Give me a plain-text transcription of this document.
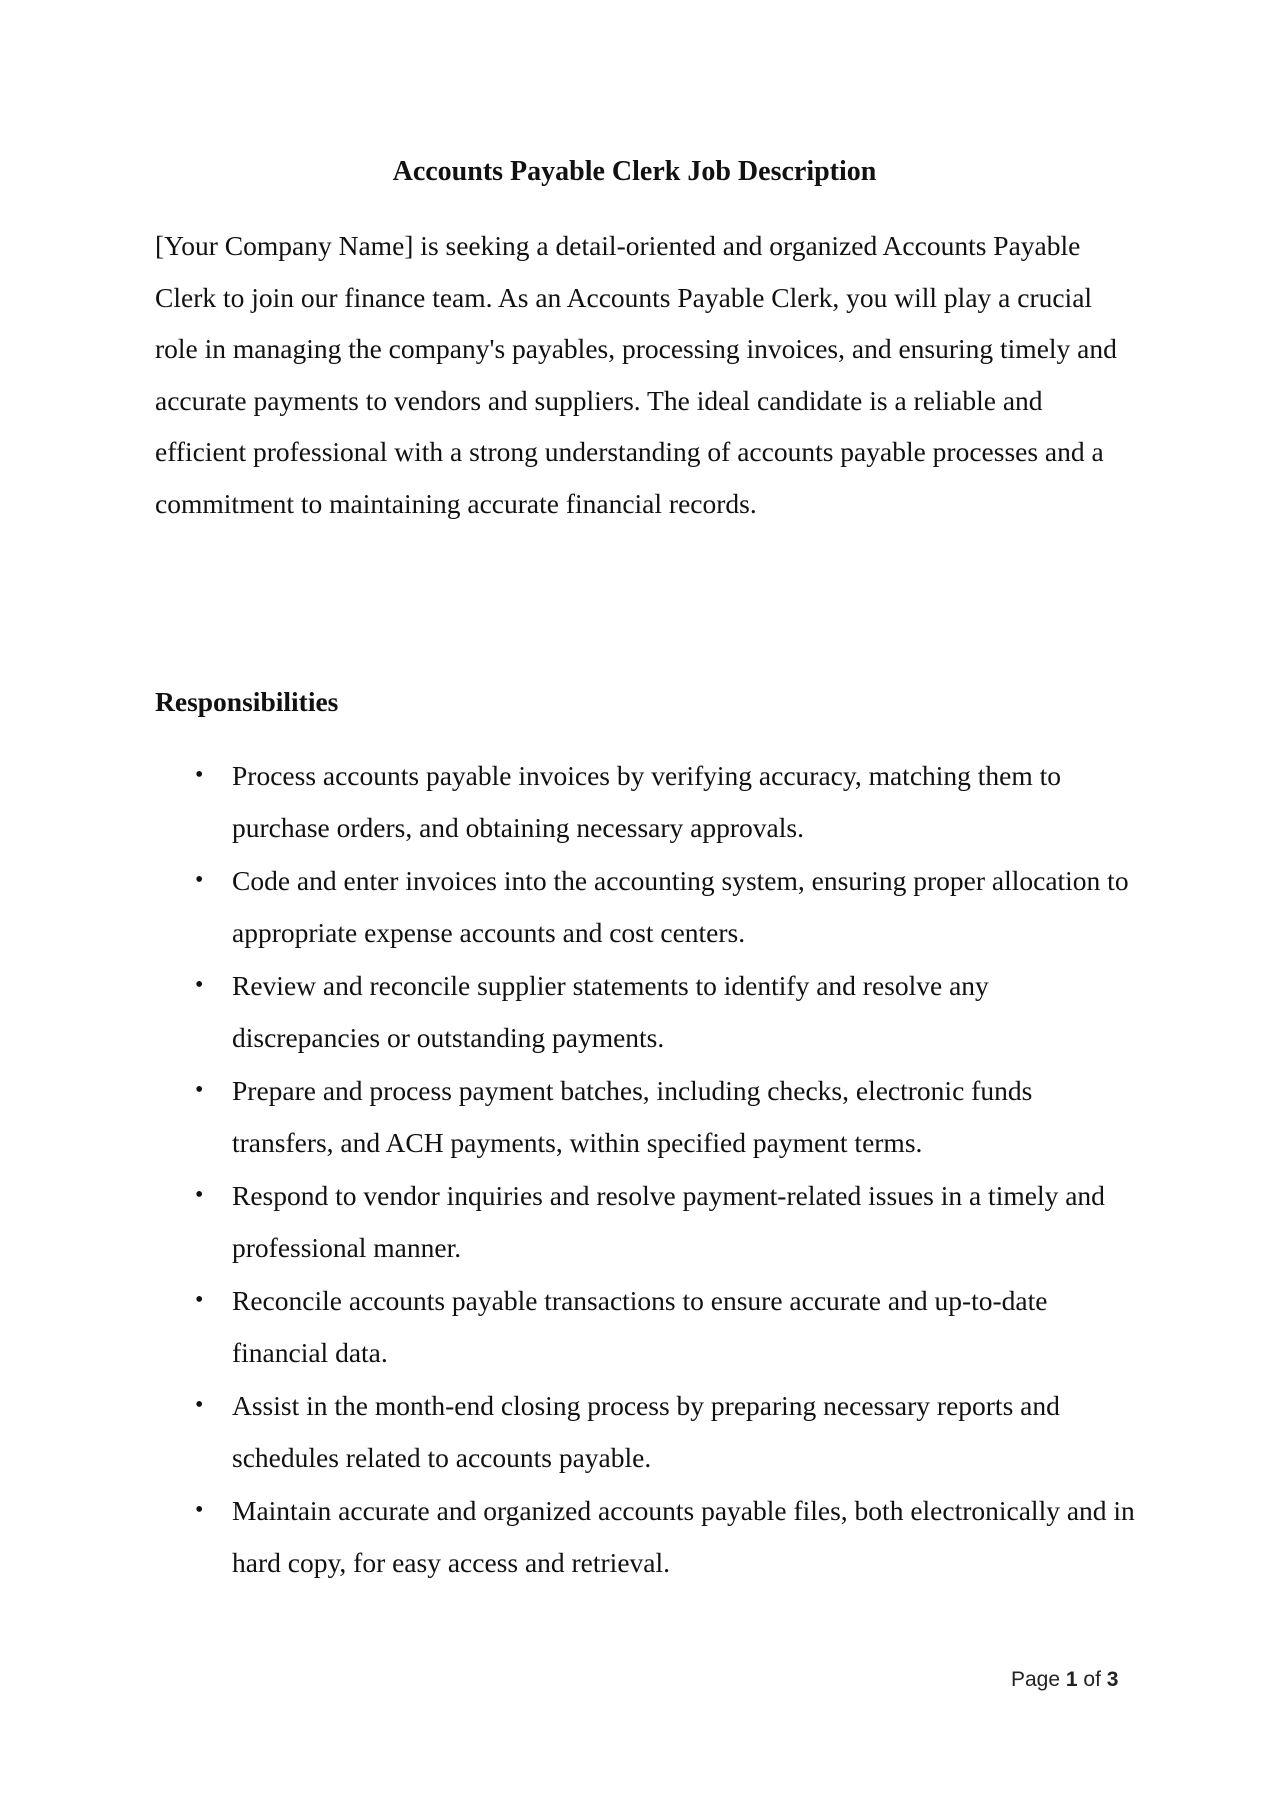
Accounts Payable Clerk Job Description

[Your Company Name] is seeking a detail-oriented and organized Accounts Payable Clerk to join our finance team. As an Accounts Payable Clerk, you will play a crucial role in managing the company's payables, processing invoices, and ensuring timely and accurate payments to vendors and suppliers. The ideal candidate is a reliable and efficient professional with a strong understanding of accounts payable processes and a commitment to maintaining accurate financial records.

Responsibilities
• Process accounts payable invoices by verifying accuracy, matching them to purchase orders, and obtaining necessary approvals.
• Code and enter invoices into the accounting system, ensuring proper allocation to appropriate expense accounts and cost centers.
• Review and reconcile supplier statements to identify and resolve any discrepancies or outstanding payments.
• Prepare and process payment batches, including checks, electronic funds transfers, and ACH payments, within specified payment terms.
• Respond to vendor inquiries and resolve payment-related issues in a timely and professional manner.
• Reconcile accounts payable transactions to ensure accurate and up-to-date financial data.
• Assist in the month-end closing process by preparing necessary reports and schedules related to accounts payable.
• Maintain accurate and organized accounts payable files, both electronically and in hard copy, for easy access and retrieval.
Page 1 of 3
